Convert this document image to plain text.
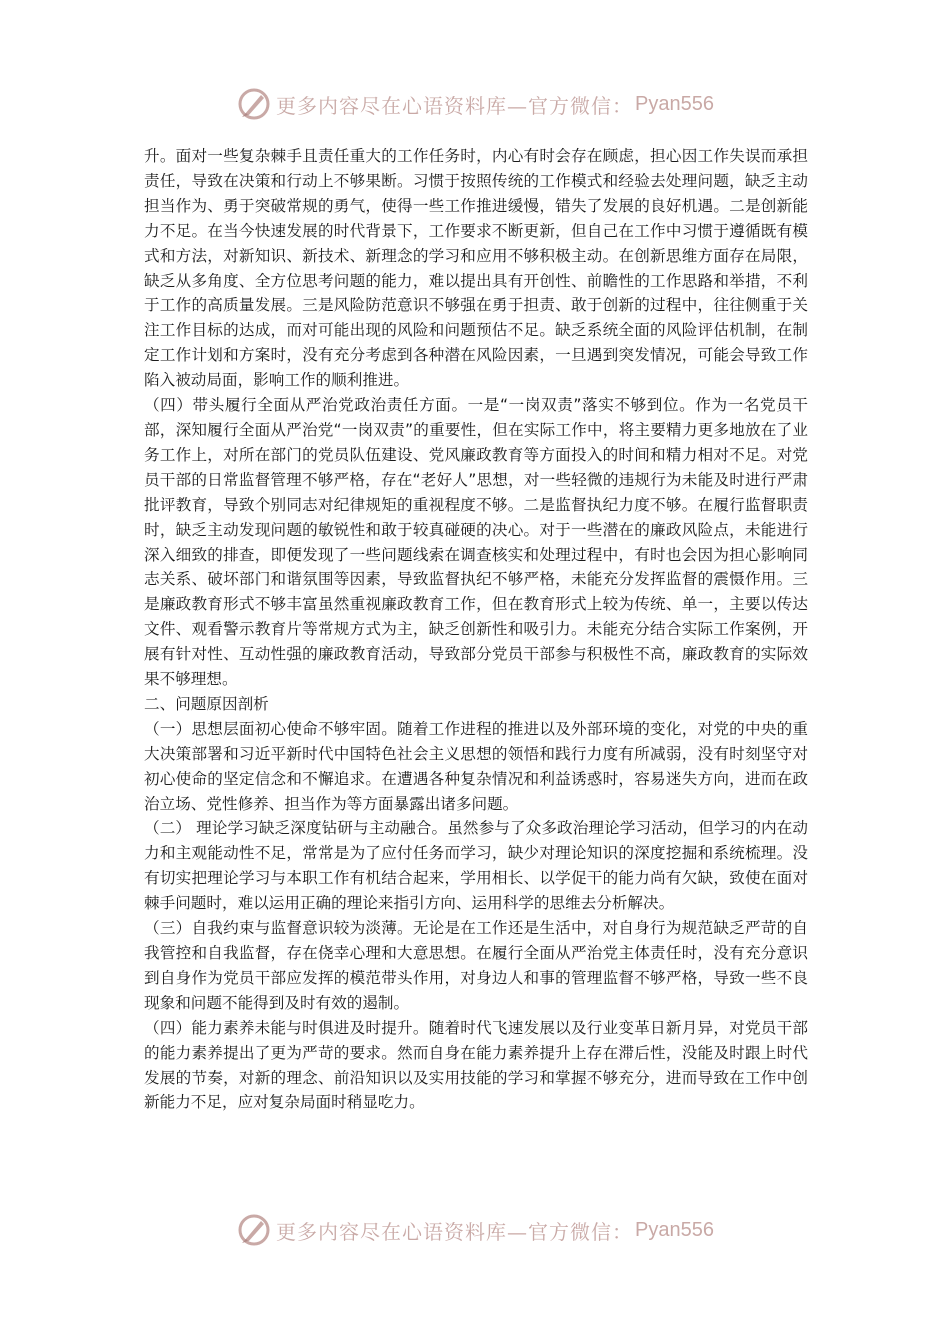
更多内容尽在心语资料库—官方微信： Pyan556

升。面对一些复杂棘手且责任重大的工作任务时，内心有时会存在顾虑，担心因工作失误而承担责任，导致在决策和行动上不够果断。习惯于按照传统的工作模式和经验去处理问题，缺乏主动担当作为、勇于突破常规的勇气，使得一些工作推进缓慢，错失了发展的良好机遇。二是创新能力不足。在当今快速发展的时代背景下，工作要求不断更新，但自己在工作中习惯于遵循既有模式和方法，对新知识、新技术、新理念的学习和应用不够积极主动。在创新思维方面存在局限，缺乏从多角度、全方位思考问题的能力，难以提出具有开创性、前瞻性的工作思路和举措，不利于工作的高质量发展。三是风险防范意识不够强在勇于担责、敢于创新的过程中，往往侧重于关注工作目标的达成，而对可能出现的风险和问题预估不足。缺乏系统全面的风险评估机制，在制定工作计划和方案时，没有充分考虑到各种潜在风险因素，一旦遇到突发情况，可能会导致工作陷入被动局面，影响工作的顺利推进。

（四）带头履行全面从严治党政治责任方面。一是“一岗双责”落实不够到位。作为一名党员干部，深知履行全面从严治党“一岗双责”的重要性，但在实际工作中，将主要精力更多地放在了业务工作上，对所在部门的党员队伍建设、党风廉政教育等方面投入的时间和精力相对不足。对党员干部的日常监督管理不够严格，存在“老好人”思想，对一些轻微的违规行为未能及时进行严肃批评教育，导致个别同志对纪律规矩的重视程度不够。二是监督执纪力度不够。在履行监督职责时，缺乏主动发现问题的敏锐性和敢于较真碰硬的决心。对于一些潜在的廉政风险点，未能进行深入细致的排查，即便发现了一些问题线索在调查核实和处理过程中，有时也会因为担心影响同志关系、破坏部门和谐氛围等因素，导致监督执纪不够严格，未能充分发挥监督的震慑作用。三是廉政教育形式不够丰富虽然重视廉政教育工作，但在教育形式上较为传统、单一，主要以传达文件、观看警示教育片等常规方式为主，缺乏创新性和吸引力。未能充分结合实际工作案例，开展有针对性、互动性强的廉政教育活动，导致部分党员干部参与积极性不高，廉政教育的实际效果不够理想。

二、问题原因剖析

（一）思想层面初心使命不够牢固。随着工作进程的推进以及外部环境的变化，对党的中央的重大决策部署和习近平新时代中国特色社会主义思想的领悟和践行力度有所减弱，没有时刻坚守对初心使命的坚定信念和不懈追求。在遭遇各种复杂情况和利益诱惑时，容易迷失方向，进而在政治立场、党性修养、担当作为等方面暴露出诸多问题。

（二） 理论学习缺乏深度钻研与主动融合。虽然参与了众多政治理论学习活动，但学习的内在动力和主观能动性不足，常常是为了应付任务而学习，缺少对理论知识的深度挖掘和系统梳理。没有切实把理论学习与本职工作有机结合起来，学用相长、以学促干的能力尚有欠缺，致使在面对棘手问题时，难以运用正确的理论来指引方向、运用科学的思维去分析解决。

（三）自我约束与监督意识较为淡薄。无论是在工作还是生活中，对自身行为规范缺乏严苛的自我管控和自我监督，存在侥幸心理和大意思想。在履行全面从严治党主体责任时，没有充分意识到自身作为党员干部应发挥的模范带头作用，对身边人和事的管理监督不够严格，导致一些不良现象和问题不能得到及时有效的遏制。

（四）能力素养未能与时俱进及时提升。随着时代飞速发展以及行业变革日新月异，对党员干部的能力素养提出了更为严苛的要求。然而自身在能力素养提升上存在滞后性，没能及时跟上时代发展的节奏，对新的理念、前沿知识以及实用技能的学习和掌握不够充分，进而导致在工作中创新能力不足，应对复杂局面时稍显吃力。

更多内容尽在心语资料库—官方微信： Pyan556
